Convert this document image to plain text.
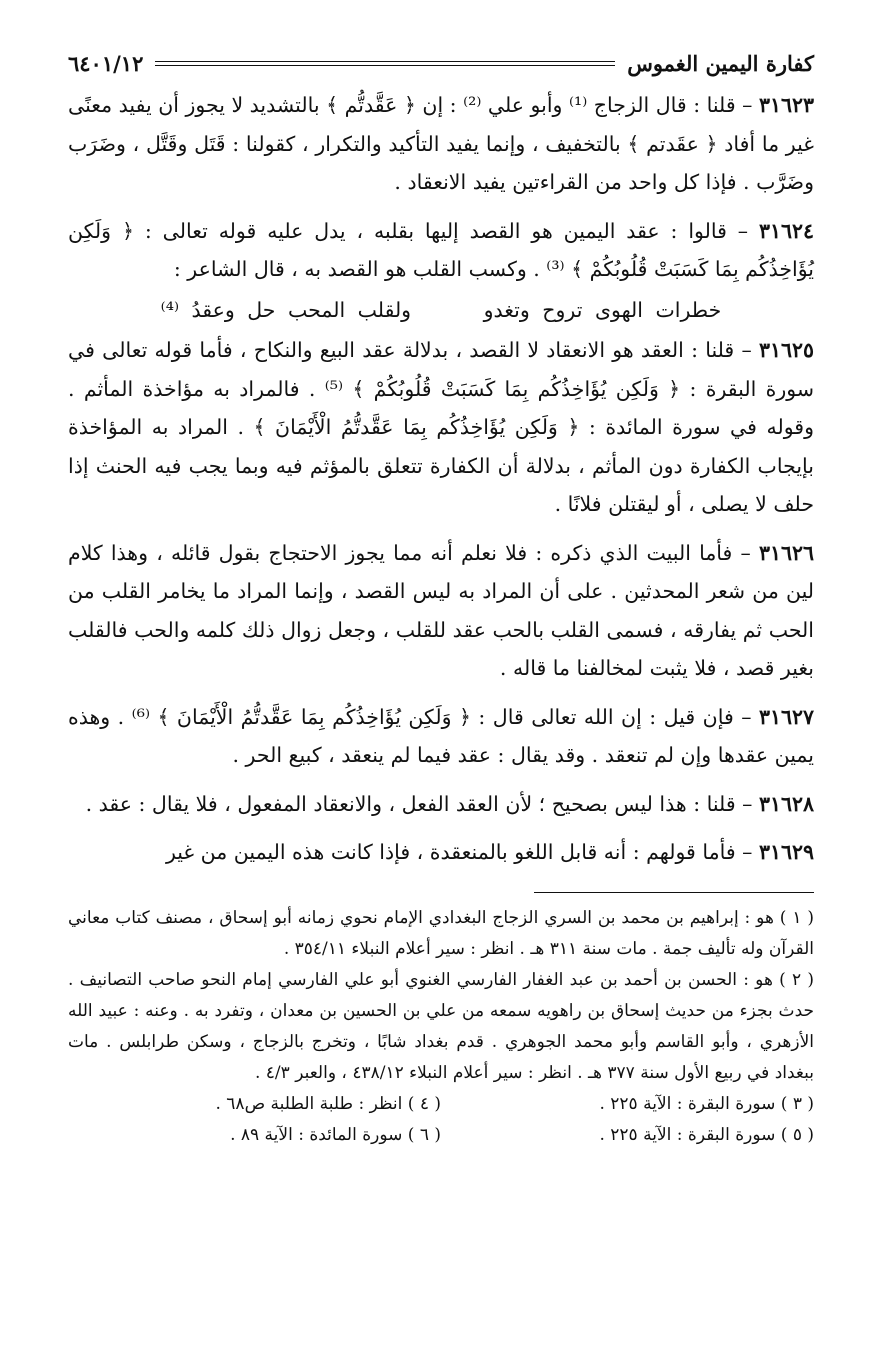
كفارة اليمين الغموس
٦٤٠١/١٢

٣١٦٢٣ – قلنا : قال الزجاج ⁽¹⁾ وأبو علي ⁽²⁾ : إن ﴿ عَقَّدتُّم ﴾ بالتشديد لا يجوز أن يفيد معنًى غير ما أفاد ﴿ عقَدتم ﴾ بالتخفيف ، وإنما يفيد التأكيد والتكرار ، كقولنا : قَتَل وقَتَّل ، وضَرَب وضَرَّب . فإذا كل واحد من القراءتين يفيد الانعقاد .

٣١٦٢٤ – قالوا : عقد اليمين هو القصد إليها بقلبه ، يدل عليه قوله تعالى : ﴿ وَلَكِن يُؤَاخِذُكُم بِمَا كَسَبَتْ قُلُوبُكُمْ ﴾ ⁽³⁾ . وكسب القلب هو القصد به ، قال الشاعر :

خطرات الهوى تروح وتغدو ولقلب المحب حل وعقدُ ⁽⁴⁾

٣١٦٢٥ – قلنا : العقد هو الانعقاد لا القصد ، بدلالة عقد البيع والنكاح ، فأما قوله تعالى في سورة البقرة : ﴿ وَلَكِن يُؤَاخِذُكُم بِمَا كَسَبَتْ قُلُوبُكُمْ ﴾ ⁽⁵⁾ . فالمراد به مؤاخذة المأثم . وقوله في سورة المائدة : ﴿ وَلَكِن يُؤَاخِذُكُم بِمَا عَقَّدتُّمُ الْأَيْمَانَ ﴾ . المراد به المؤاخذة بإيجاب الكفارة دون المأثم ، بدلالة أن الكفارة تتعلق بالمؤثم فيه وبما يجب فيه الحنث إذا حلف لا يصلى ، أو ليقتلن فلانًا .

٣١٦٢٦ – فأما البيت الذي ذكره : فلا نعلم أنه مما يجوز الاحتجاج بقول قائله ، وهذا كلام لين من شعر المحدثين . على أن المراد به ليس القصد ، وإنما المراد ما يخامر القلب من الحب ثم يفارقه ، فسمى القلب بالحب عقد للقلب ، وجعل زوال ذلك كلمه والحب فالقلب بغير قصد ، فلا يثبت لمخالفنا ما قاله .

٣١٦٢٧ – فإن قيل : إن الله تعالى قال : ﴿ وَلَكِن يُؤَاخِذُكُم بِمَا عَقَّدتُّمُ الْأَيْمَانَ ﴾ ⁽⁶⁾ . وهذه يمين عقدها وإن لم تنعقد . وقد يقال : عقد فيما لم ينعقد ، كبيع الحر .

٣١٦٢٨ – قلنا : هذا ليس بصحيح ؛ لأن العقد الفعل ، والانعقاد المفعول ، فلا يقال : عقد .

٣١٦٢٩ – فأما قولهم : أنه قابل اللغو بالمنعقدة ، فإذا كانت هذه اليمين من غير

( ١ ) هو : إبراهيم بن محمد بن السري الزجاج البغدادي الإمام نحوي زمانه أبو إسحاق ، مصنف كتاب معاني القرآن وله تأليف جمة . مات سنة ٣١١ هـ . انظر : سير أعلام النبلاء ٣٥٤/١١ .

( ٢ ) هو : الحسن بن أحمد بن عبد الغفار الفارسي الغنوي أبو علي الفارسي إمام النحو صاحب التصانيف . حدث بجزء من حديث إسحاق بن راهويه سمعه من علي بن الحسين بن معدان ، وتفرد به . وعنه : عبيد الله الأزهري ، وأبو القاسم وأبو محمد الجوهري . قدم بغداد شابًا ، وتخرج بالزجاج ، وسكن طرابلس . مات ببغداد في ربيع الأول سنة ٣٧٧ هـ . انظر : سير أعلام النبلاء ٤٣٨/١٢ ، والعبر ٤/٣ .

( ٣ ) سورة البقرة : الآية ٢٢٥ .
( ٤ ) انظر : طلبة الطلبة ص٦٨ .
( ٥ ) سورة البقرة : الآية ٢٢٥ .
( ٦ ) سورة المائدة : الآية ٨٩ .
